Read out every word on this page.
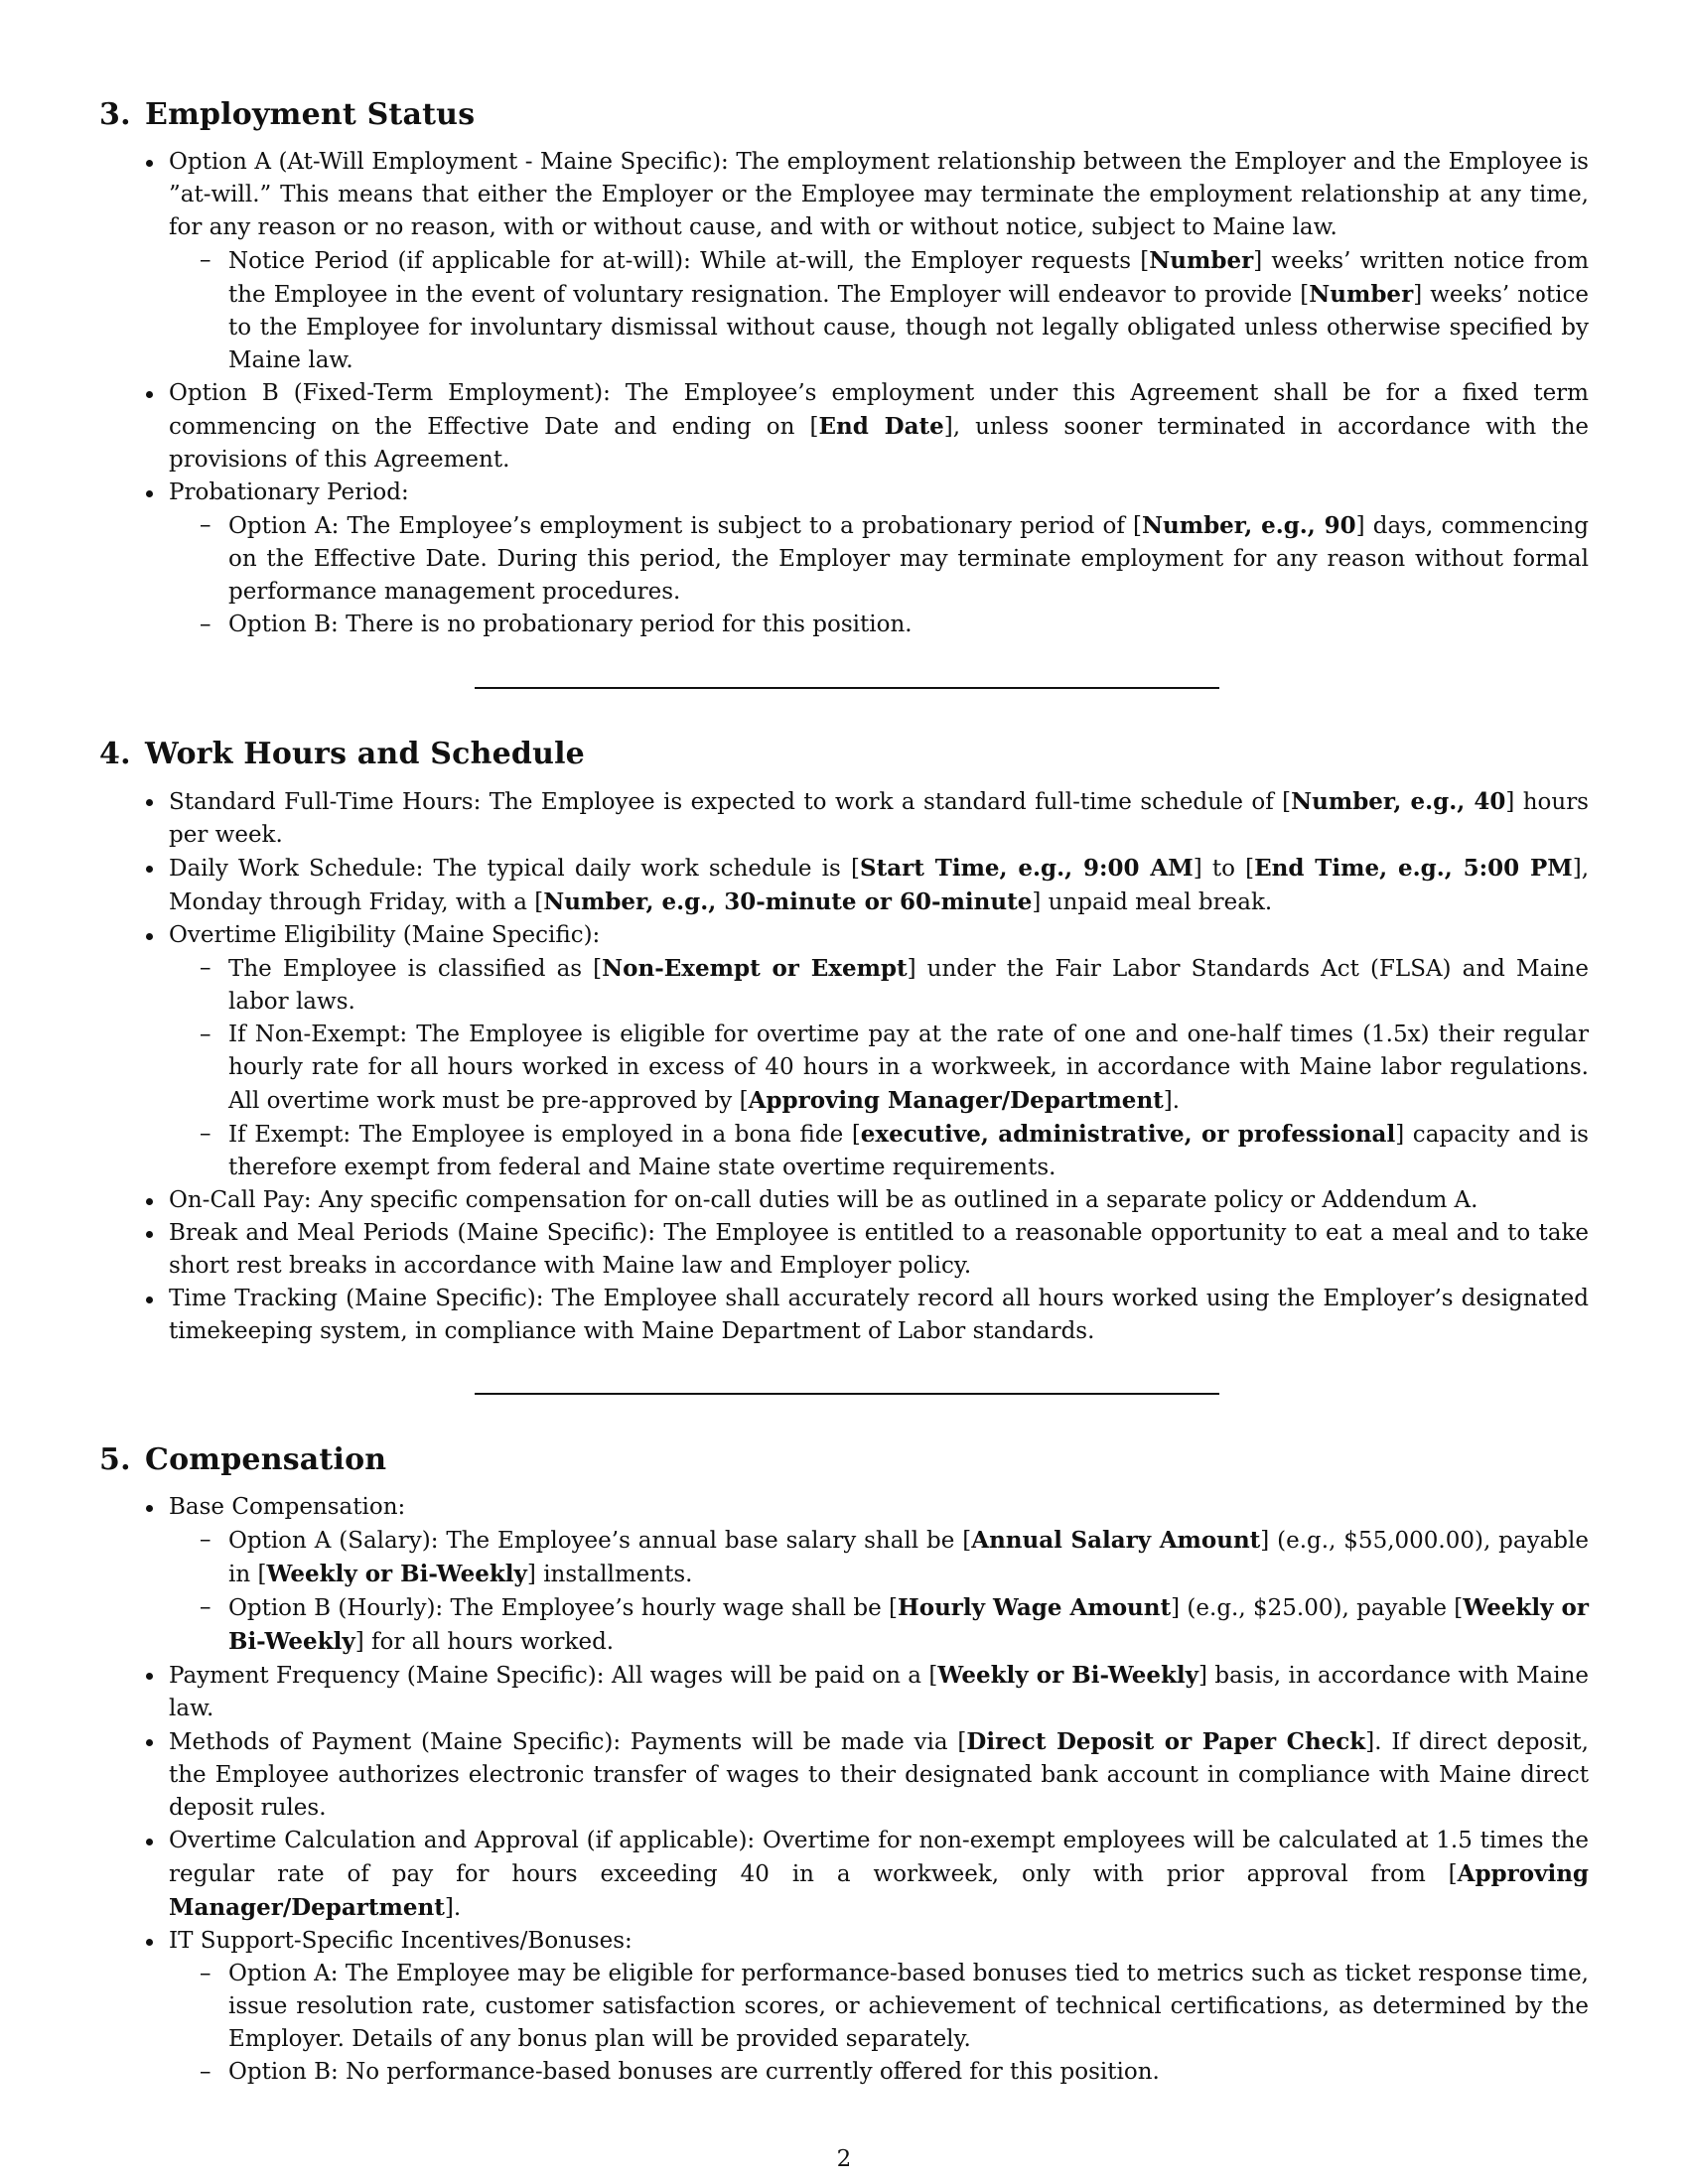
3. Employment Status
Option A (At-Will Employment - Maine Specific): The employment relationship between the Employer and the Employee is ”at-will.” This means that either the Employer or the Employee may terminate the employment relationship at any time, for any reason or no reason, with or without cause, and with or without notice, subject to Maine law.
– Notice Period (if applicable for at-will): While at-will, the Employer requests [Number] weeks’ written notice from the Employee in the event of voluntary resignation. The Employer will endeavor to provide [Number] weeks’ notice to the Employee for involuntary dismissal without cause, though not legally obligated unless otherwise specified by Maine law.
Option B (Fixed-Term Employment): The Employee’s employment under this Agreement shall be for a fixed term commencing on the Effective Date and ending on [End Date], unless sooner terminated in accordance with the provisions of this Agreement.
Probationary Period:
– Option A: The Employee’s employment is subject to a probationary period of [Number, e.g., 90] days, commencing on the Effective Date. During this period, the Employer may terminate employment for any reason without formal performance management procedures.
– Option B: There is no probationary period for this position.
4. Work Hours and Schedule
Standard Full-Time Hours: The Employee is expected to work a standard full-time schedule of [Number, e.g., 40] hours per week.
Daily Work Schedule: The typical daily work schedule is [Start Time, e.g., 9:00 AM] to [End Time, e.g., 5:00 PM], Monday through Friday, with a [Number, e.g., 30-minute or 60-minute] unpaid meal break.
Overtime Eligibility (Maine Specific):
– The Employee is classified as [Non-Exempt or Exempt] under the Fair Labor Standards Act (FLSA) and Maine labor laws.
– If Non-Exempt: The Employee is eligible for overtime pay at the rate of one and one-half times (1.5x) their regular hourly rate for all hours worked in excess of 40 hours in a workweek, in accordance with Maine labor regulations. All overtime work must be pre-approved by [Approving Manager/Department].
– If Exempt: The Employee is employed in a bona fide [executive, administrative, or professional] capacity and is therefore exempt from federal and Maine state overtime requirements.
On-Call Pay: Any specific compensation for on-call duties will be as outlined in a separate policy or Addendum A.
Break and Meal Periods (Maine Specific): The Employee is entitled to a reasonable opportunity to eat a meal and to take short rest breaks in accordance with Maine law and Employer policy.
Time Tracking (Maine Specific): The Employee shall accurately record all hours worked using the Employer’s designated timekeeping system, in compliance with Maine Department of Labor standards.
5. Compensation
Base Compensation:
– Option A (Salary): The Employee’s annual base salary shall be [Annual Salary Amount] (e.g., $55,000.00), payable in [Weekly or Bi-Weekly] installments.
– Option B (Hourly): The Employee’s hourly wage shall be [Hourly Wage Amount] (e.g., $25.00), payable [Weekly or Bi-Weekly] for all hours worked.
Payment Frequency (Maine Specific): All wages will be paid on a [Weekly or Bi-Weekly] basis, in accordance with Maine law.
Methods of Payment (Maine Specific): Payments will be made via [Direct Deposit or Paper Check]. If direct deposit, the Employee authorizes electronic transfer of wages to their designated bank account in compliance with Maine direct deposit rules.
Overtime Calculation and Approval (if applicable): Overtime for non-exempt employees will be calculated at 1.5 times the regular rate of pay for hours exceeding 40 in a workweek, only with prior approval from [Approving Manager/Department].
IT Support-Specific Incentives/Bonuses:
– Option A: The Employee may be eligible for performance-based bonuses tied to metrics such as ticket response time, issue resolution rate, customer satisfaction scores, or achievement of technical certifications, as determined by the Employer. Details of any bonus plan will be provided separately.
– Option B: No performance-based bonuses are currently offered for this position.
2
